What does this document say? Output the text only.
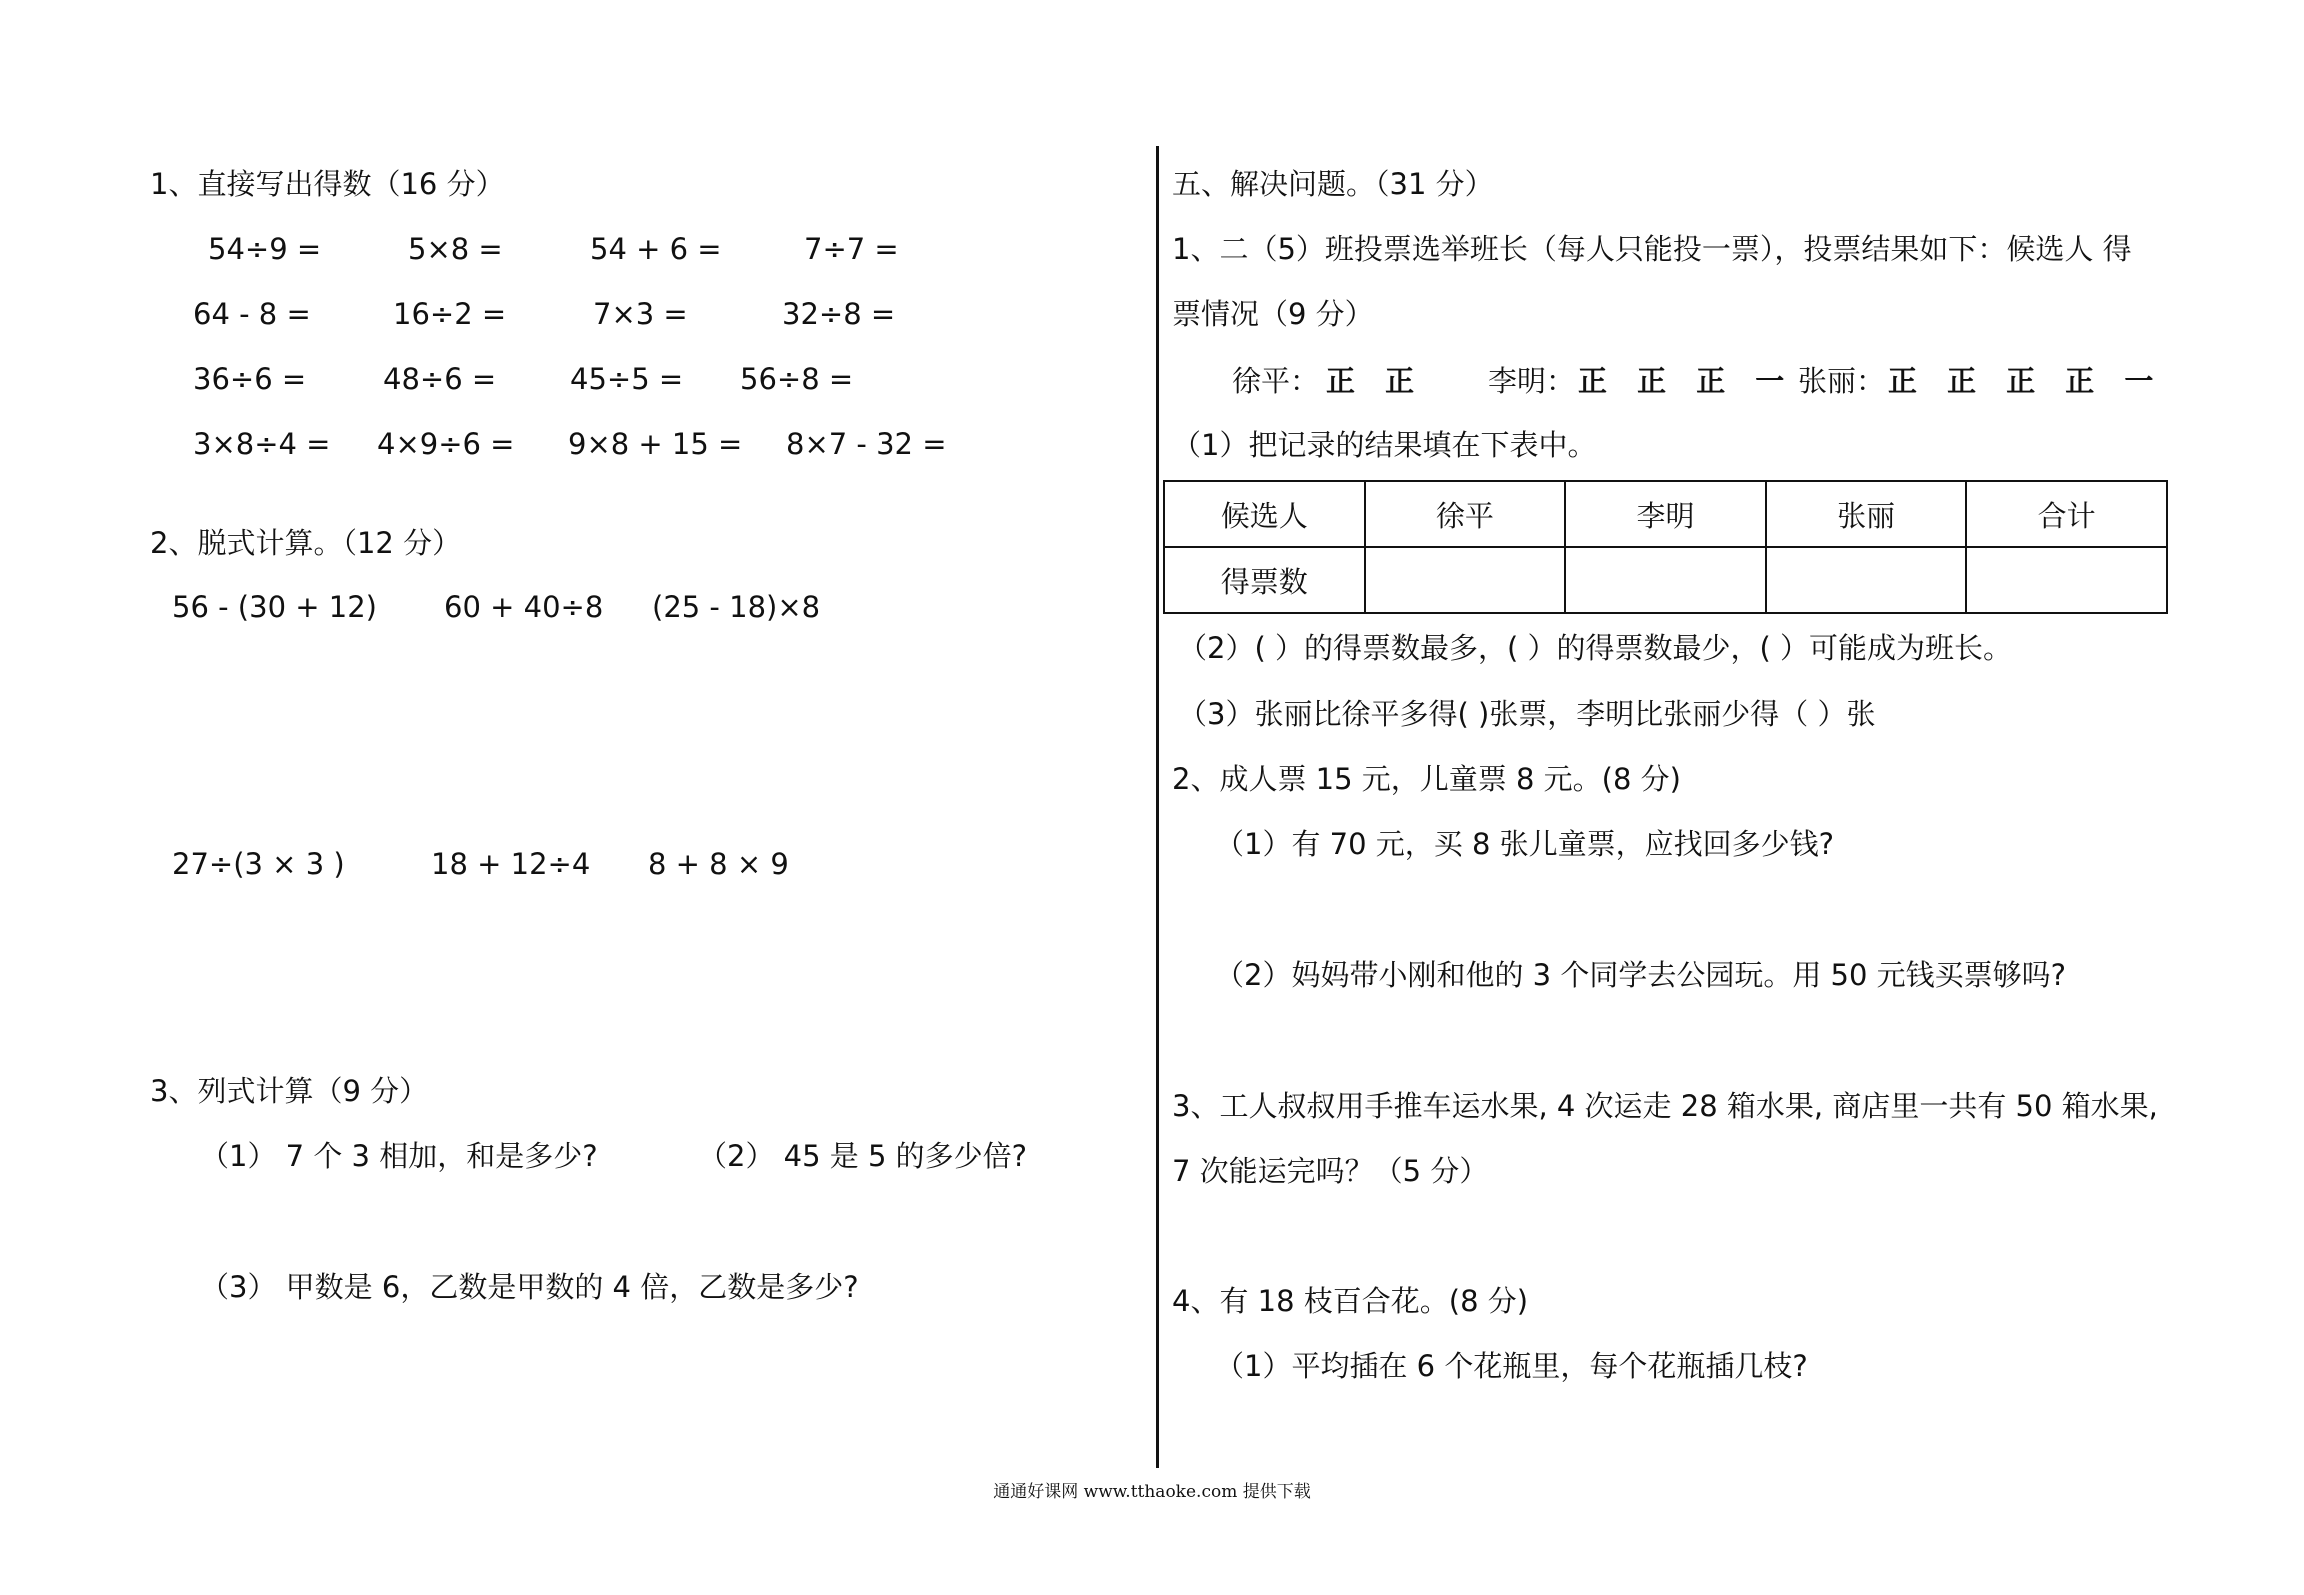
1、直接写出得数（16 分）
54÷9 =	5×8 =	54 + 6 =	7÷7 =
64 - 8 =	16÷2 =	7×3 =	32÷8 =
36÷6 =	48÷6 =	45÷5 = 56÷8 =
3×8÷4 = 4×9÷6 = 9×8 + 15 = 8×7 - 32 =
2、脱式计算。（12 分）
56 - (30 + 12) 60 + 40÷8 (25 - 18)×8
27÷(3 × 3 )	18 + 12÷4 8 + 8 × 9
3、列式计算（9 分）
（1） 7 个 3 相加，和是多少?	（2） 45 是 5 的多少倍?
（3） 甲数是 6，乙数是甲数的 4 倍，乙数是多少?
五、解决问题。（31 分）
1、二（5）班投票选举班长（每人只能投一票），投票结果如下：候选人 得
票情况（9 分）
徐平： 正 正 李明： 正 正 正 一 张丽： 正 正 正 正 一
（1）把记录的结果填在下表中。
候选人	徐平	李明	张丽	合计
得票数				
（2）( ）的得票数最多，( ）的得票数最少，( ）可能成为班长。
（3）张丽比徐平多得( )张票，李明比张丽少得（ ）张
2、成人票 15 元，儿童票 8 元。(8 分)
（1）有 70 元，买 8 张儿童票，应找回多少钱?
（2）妈妈带小刚和他的 3 个同学去公园玩。用 50 元钱买票够吗?
3、工人叔叔用手推车运水果, 4 次运走 28 箱水果, 商店里一共有 50 箱水果,
7 次能运完吗？（5 分）
4、有 18 枝百合花。(8 分)
（1）平均插在 6 个花瓶里，每个花瓶插几枝?
通通好课网 www.tthaoke.com 提供下载
